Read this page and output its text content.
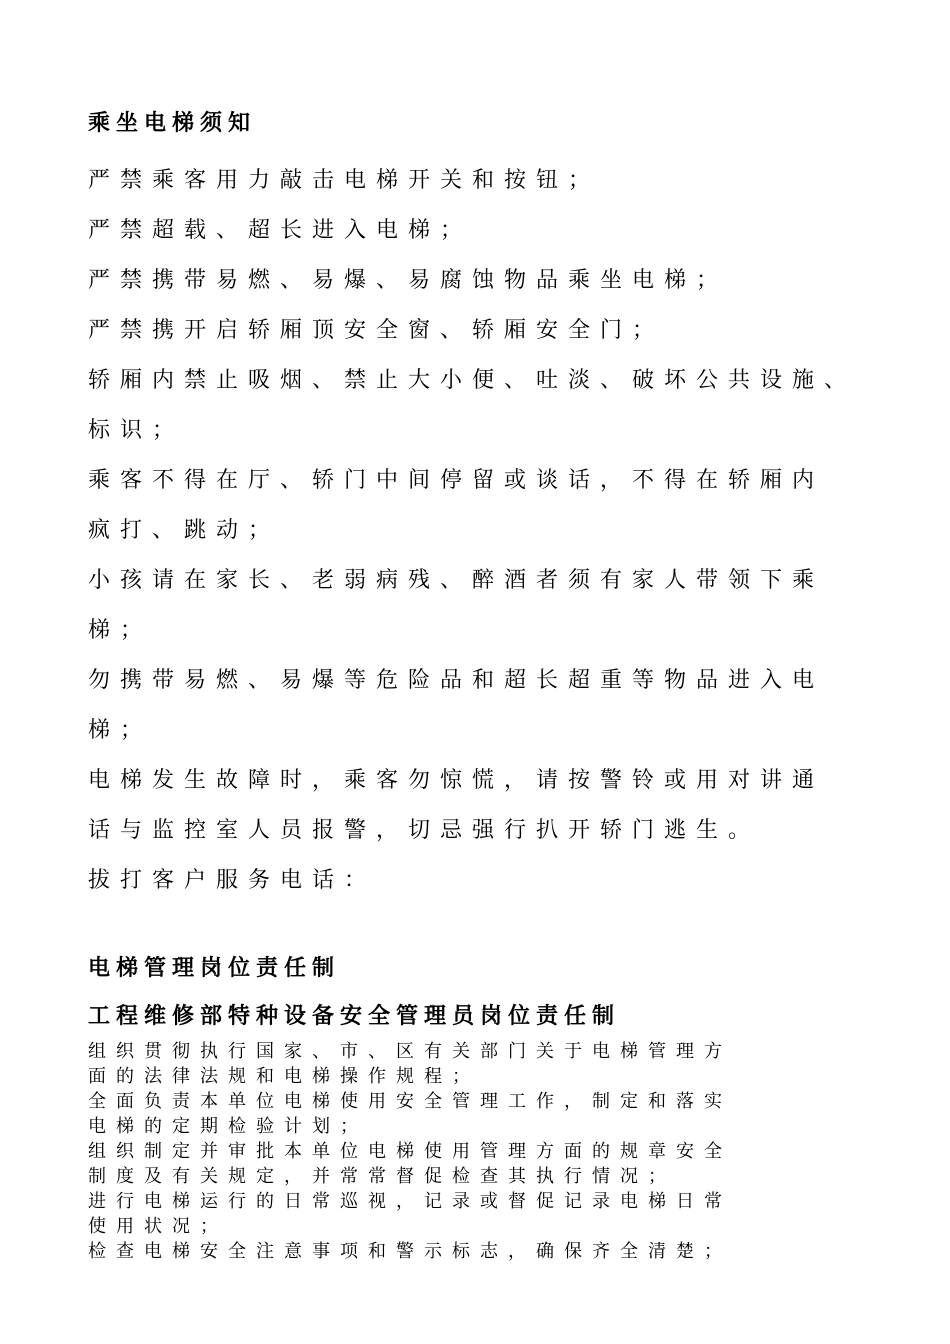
乘坐电梯须知
严禁乘客用力敲击电梯开关和按钮；
严禁超载、超长进入电梯；
严禁携带易燃、易爆、易腐蚀物品乘坐电梯；
严禁携开启轿厢顶安全窗、轿厢安全门；
轿厢内禁止吸烟、禁止大小便、吐淡、破坏公共设施、
标识；
乘客不得在厅、轿门中间停留或谈话，不得在轿厢内
疯打、跳动；
小孩请在家长、老弱病残、醉酒者须有家人带领下乘
梯；
勿携带易燃、易爆等危险品和超长超重等物品进入电
梯；
电梯发生故障时，乘客勿惊慌，请按警铃或用对讲通
话与监控室人员报警，切忌强行扒开轿门逃生。
拔打客户服务电话：
电梯管理岗位责任制
工程维修部特种设备安全管理员岗位责任制
组织贯彻执行国家、市、区有关部门关于电梯管理方
面的法律法规和电梯操作规程；
全面负责本单位电梯使用安全管理工作，制定和落实
电梯的定期检验计划；
组织制定并审批本单位电梯使用管理方面的规章安全
制度及有关规定，并常常督促检查其执行情况；
进行电梯运行的日常巡视，记录或督促记录电梯日常
使用状况；
检查电梯安全注意事项和警示标志，确保齐全清楚；
